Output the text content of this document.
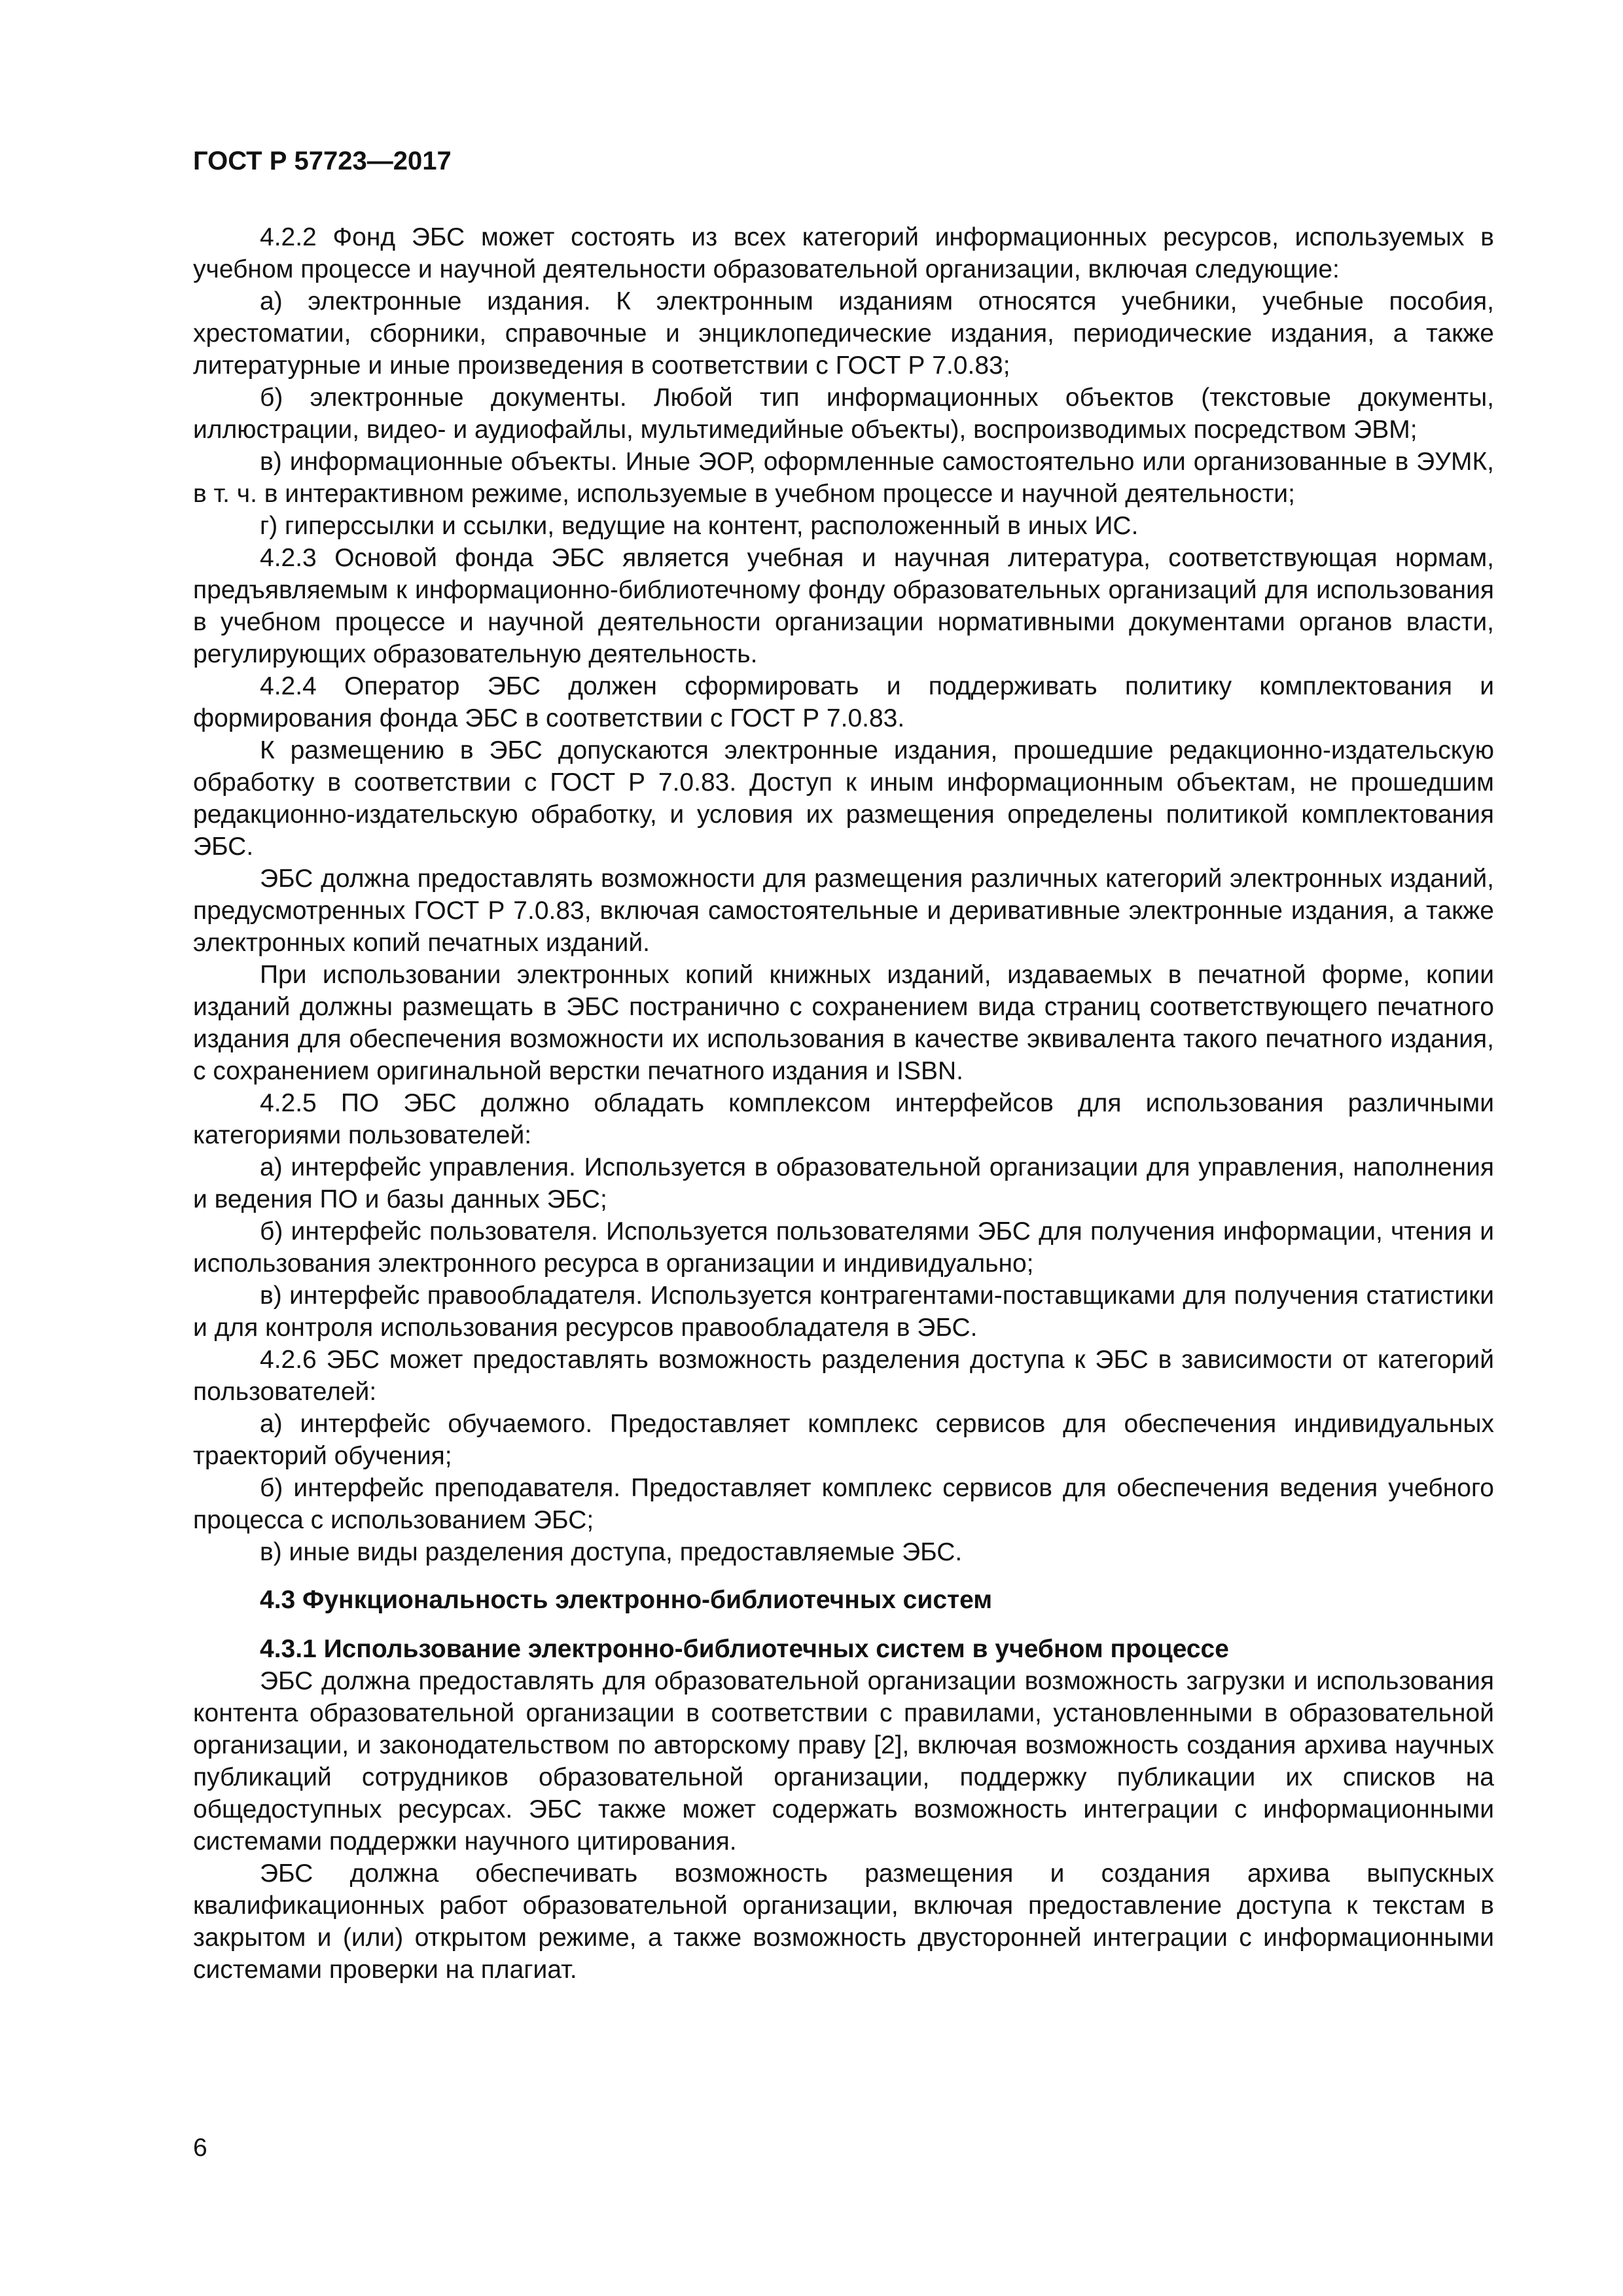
ГОСТ Р 57723—2017

4.2.2 Фонд ЭБС может состоять из всех категорий информационных ресурсов, используемых в учебном процессе и научной деятельности образовательной организации, включая следующие:

а) электронные издания. К электронным изданиям относятся учебники, учебные пособия, хрестоматии, сборники, справочные и энциклопедические издания, периодические издания, а также литературные и иные произведения в соответствии с ГОСТ Р 7.0.83;

б) электронные документы. Любой тип информационных объектов (текстовые документы, иллюстрации, видео- и аудиофайлы, мультимедийные объекты), воспроизводимых посредством ЭВМ;

в) информационные объекты. Иные ЭОР, оформленные самостоятельно или организованные в ЭУМК, в т. ч. в интерактивном режиме, используемые в учебном процессе и научной деятельности;

г) гиперссылки и ссылки, ведущие на контент, расположенный в иных ИС.

4.2.3 Основой фонда ЭБС является учебная и научная литература, соответствующая нормам, предъявляемым к информационно-библиотечному фонду образовательных организаций для использования в учебном процессе и научной деятельности организации нормативными документами органов власти, регулирующих образовательную деятельность.

4.2.4 Оператор ЭБС должен сформировать и поддерживать политику комплектования и формирования фонда ЭБС в соответствии с ГОСТ Р 7.0.83.

К размещению в ЭБС допускаются электронные издания, прошедшие редакционно-издательскую обработку в соответствии с ГОСТ Р 7.0.83. Доступ к иным информационным объектам, не прошедшим редакционно-издательскую обработку, и условия их размещения определены политикой комплектования ЭБС.

ЭБС должна предоставлять возможности для размещения различных категорий электронных изданий, предусмотренных ГОСТ Р 7.0.83, включая самостоятельные и деривативные электронные издания, а также электронных копий печатных изданий.

При использовании электронных копий книжных изданий, издаваемых в печатной форме, копии изданий должны размещать в ЭБС постранично с сохранением вида страниц соответствующего печатного издания для обеспечения возможности их использования в качестве эквивалента такого печатного издания, с сохранением оригинальной верстки печатного издания и ISBN.

4.2.5 ПО ЭБС должно обладать комплексом интерфейсов для использования различными категориями пользователей:

а) интерфейс управления. Используется в образовательной организации для управления, наполнения и ведения ПО и базы данных ЭБС;

б) интерфейс пользователя. Используется пользователями ЭБС для получения информации, чтения и использования электронного ресурса в организации и индивидуально;

в) интерфейс правообладателя. Используется контрагентами-поставщиками для получения статистики и для контроля использования ресурсов правообладателя в ЭБС.

4.2.6 ЭБС может предоставлять возможность разделения доступа к ЭБС в зависимости от категорий пользователей:

а) интерфейс обучаемого. Предоставляет комплекс сервисов для обеспечения индивидуальных траекторий обучения;

б) интерфейс преподавателя. Предоставляет комплекс сервисов для обеспечения ведения учебного процесса с использованием ЭБС;

в) иные виды разделения доступа, предоставляемые ЭБС.

4.3 Функциональность электронно-библиотечных систем
4.3.1 Использование электронно-библиотечных систем в учебном процессе

ЭБС должна предоставлять для образовательной организации возможность загрузки и использования контента образовательной организации в соответствии с правилами, установленными в образовательной организации, и законодательством по авторскому праву [2], включая возможность создания архива научных публикаций сотрудников образовательной организации, поддержку публикации их списков на общедоступных ресурсах. ЭБС также может содержать возможность интеграции с информационными системами поддержки научного цитирования.

ЭБС должна обеспечивать возможность размещения и создания архива выпускных квалификационных работ образовательной организации, включая предоставление доступа к текстам в закрытом и (или) открытом режиме, а также возможность двусторонней интеграции с информационными системами проверки на плагиат.

6
